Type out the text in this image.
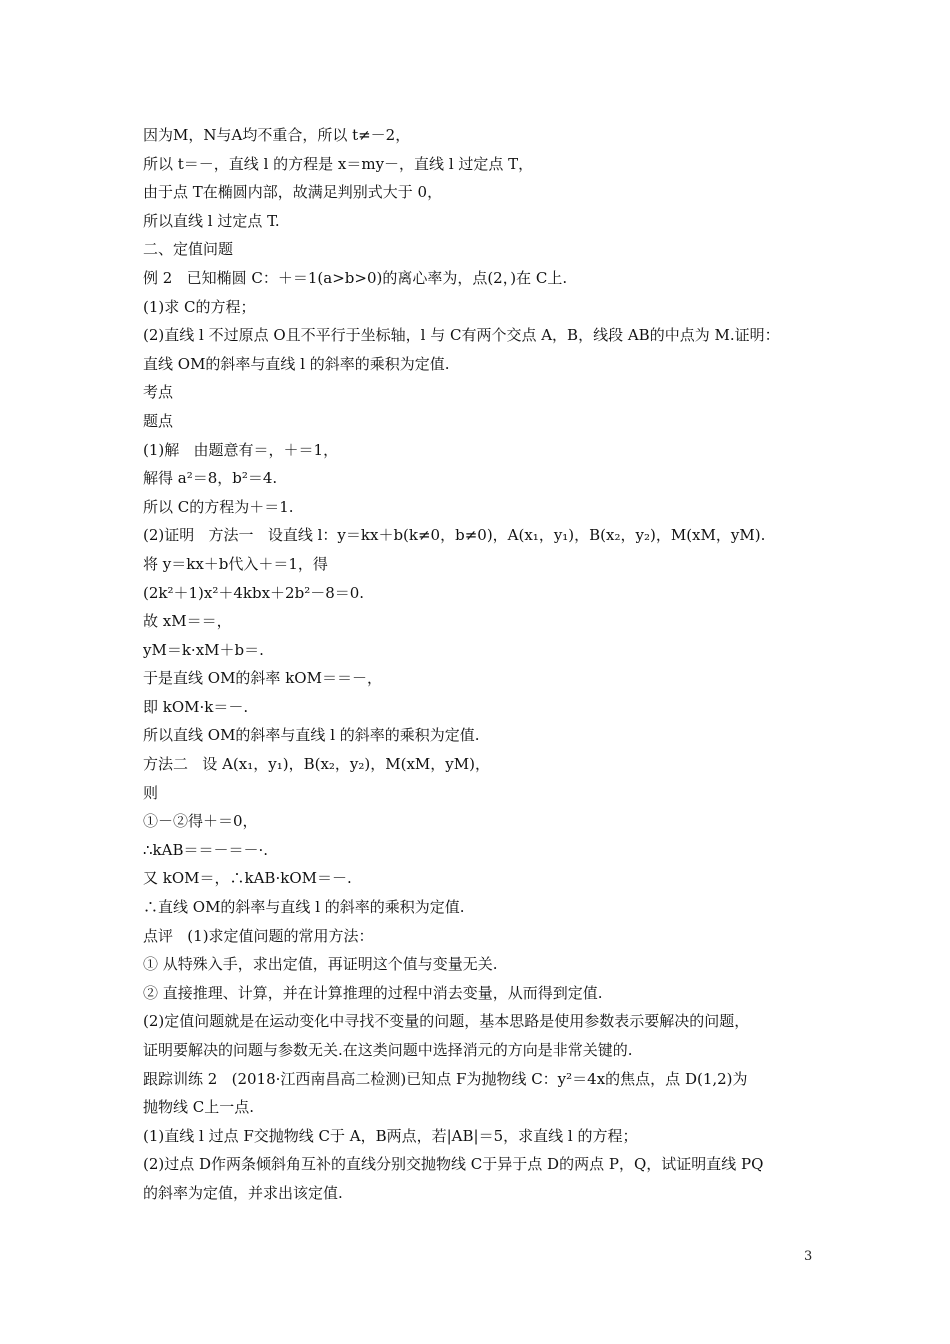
因为M，N与A均不重合，所以 t≠－2，
所以 t＝－，直线 l 的方程是 x＝my－，直线 l 过定点 T，
由于点 T在椭圆内部，故满足判别式大于 0，
所以直线 l 过定点 T.
二、定值问题
例 2   已知椭圆 C：＋＝1(a>b>0)的离心率为，点(2，)在 C上.
(1)求 C的方程；
(2)直线 l 不过原点 O且不平行于坐标轴，l 与 C有两个交点 A，B，线段 AB的中点为 M.证明：
直线 OM的斜率与直线 l 的斜率的乘积为定值.
考点
题点
(1)解   由题意有＝，＋＝1，
解得 a²＝8，b²＝4.
所以 C的方程为＋＝1.
(2)证明   方法一   设直线 l：y＝kx＋b(k≠0，b≠0)，A(x₁，y₁)，B(x₂，y₂)，M(xM，yM).
将 y＝kx＋b代入＋＝1，得
(2k²＋1)x²＋4kbx＋2b²－8＝0.
故 xM＝＝，
yM＝k·xM＋b＝.
于是直线 OM的斜率 kOM＝＝－，
即 kOM·k＝－.
所以直线 OM的斜率与直线 l 的斜率的乘积为定值.
方法二   设 A(x₁，y₁)，B(x₂，y₂)，M(xM，yM)，
则
①－②得＋＝0，
∴kAB＝＝－＝－·.
又 kOM＝，∴kAB·kOM＝－.
∴直线 OM的斜率与直线 l 的斜率的乘积为定值.
点评   (1)求定值问题的常用方法：
① 从特殊入手，求出定值，再证明这个值与变量无关.
② 直接推理、计算，并在计算推理的过程中消去变量，从而得到定值.
(2)定值问题就是在运动变化中寻找不变量的问题，基本思路是使用参数表示要解决的问题，
证明要解决的问题与参数无关.在这类问题中选择消元的方向是非常关键的.
跟踪训练 2   (2018·江西南昌高二检测)已知点 F为抛物线 C：y²＝4x的焦点，点 D(1,2)为
抛物线 C上一点.
(1)直线 l 过点 F交抛物线 C于 A，B两点，若|AB|＝5，求直线 l 的方程；
(2)过点 D作两条倾斜角互补的直线分别交抛物线 C于异于点 D的两点 P，Q，试证明直线 PQ
的斜率为定值，并求出该定值.
3
